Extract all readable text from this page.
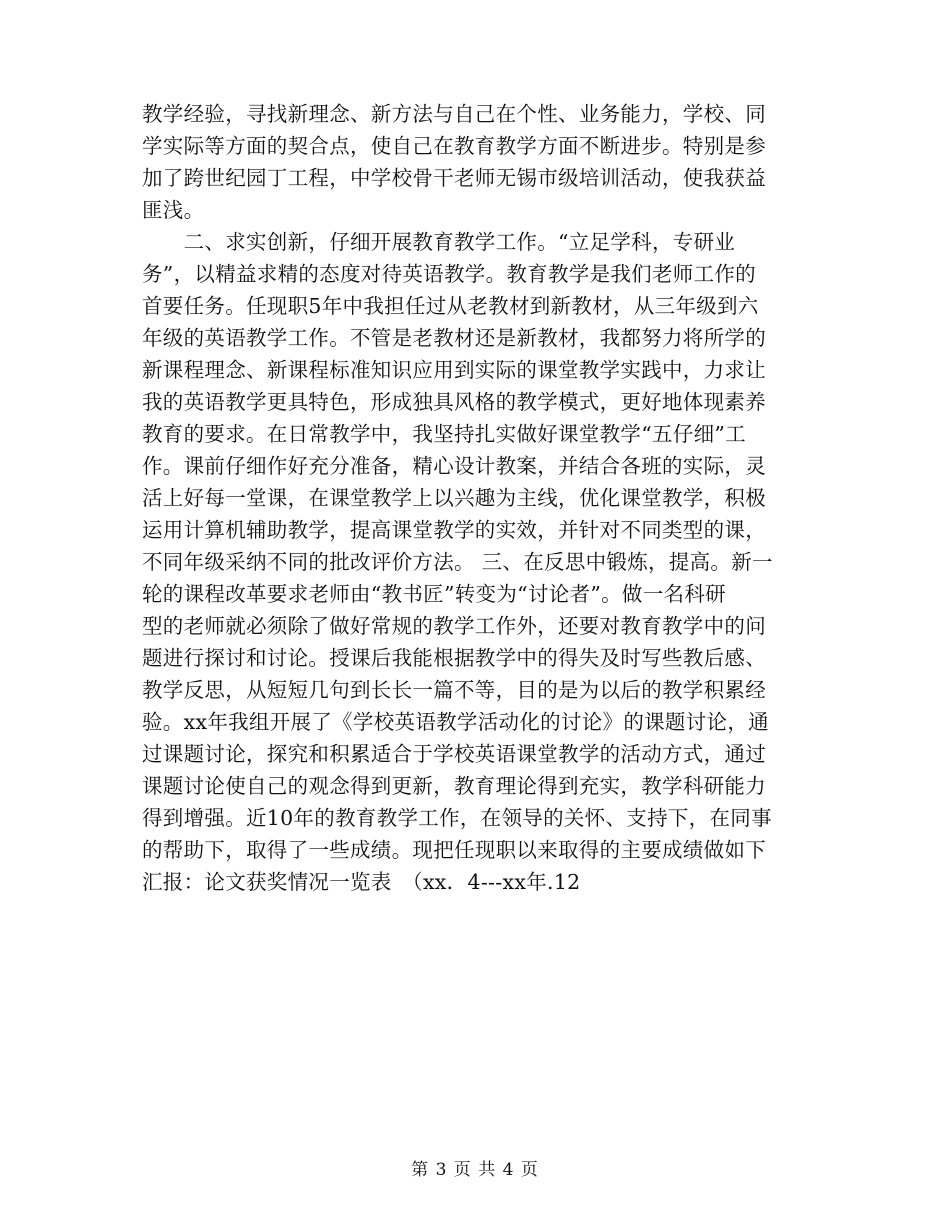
教学经验，寻找新理念、新方法与自己在个性、业务能力，学校、同
学实际等方面的契合点，使自己在教育教学方面不断进步。特别是参
加了跨世纪园丁工程，中学校骨干老师无锡市级培训活动，使我获益
匪浅。
　　二、求实创新，仔细开展教育教学工作。“立足学科，专研业
务”，以精益求精的态度对待英语教学。教育教学是我们老师工作的
首要任务。任现职5年中我担任过从老教材到新教材，从三年级到六
年级的英语教学工作。不管是老教材还是新教材，我都努力将所学的
新课程理念、新课程标准知识应用到实际的课堂教学实践中，力求让
我的英语教学更具特色，形成独具风格的教学模式，更好地体现素养
教育的要求。在日常教学中，我坚持扎实做好课堂教学“五仔细”工
作。课前仔细作好充分准备，精心设计教案，并结合各班的实际，灵
活上好每一堂课，在课堂教学上以兴趣为主线，优化课堂教学，积极
运用计算机辅助教学，提高课堂教学的实效，并针对不同类型的课，
不同年级采纳不同的批改评价方法。 三、在反思中锻炼，提高。新一
轮的课程改革要求老师由“教书匠”转变为“讨论者”。做一名科研
型的老师就必须除了做好常规的教学工作外，还要对教育教学中的问
题进行探讨和讨论。授课后我能根据教学中的得失及时写些教后感、
教学反思，从短短几句到长长一篇不等，目的是为以后的教学积累经
验。xx年我组开展了《学校英语教学活动化的讨论》的课题讨论，通
过课题讨论，探究和积累适合于学校英语课堂教学的活动方式，通过
课题讨论使自己的观念得到更新，教育理论得到充实，教学科研能力
得到增强。近10年的教育教学工作，在领导的关怀、支持下，在同事
的帮助下，取得了一些成绩。现把任现职以来取得的主要成绩做如下
汇报：论文获奖情况一览表　（xx．4---xx年.12
第 3 页 共 4 页
